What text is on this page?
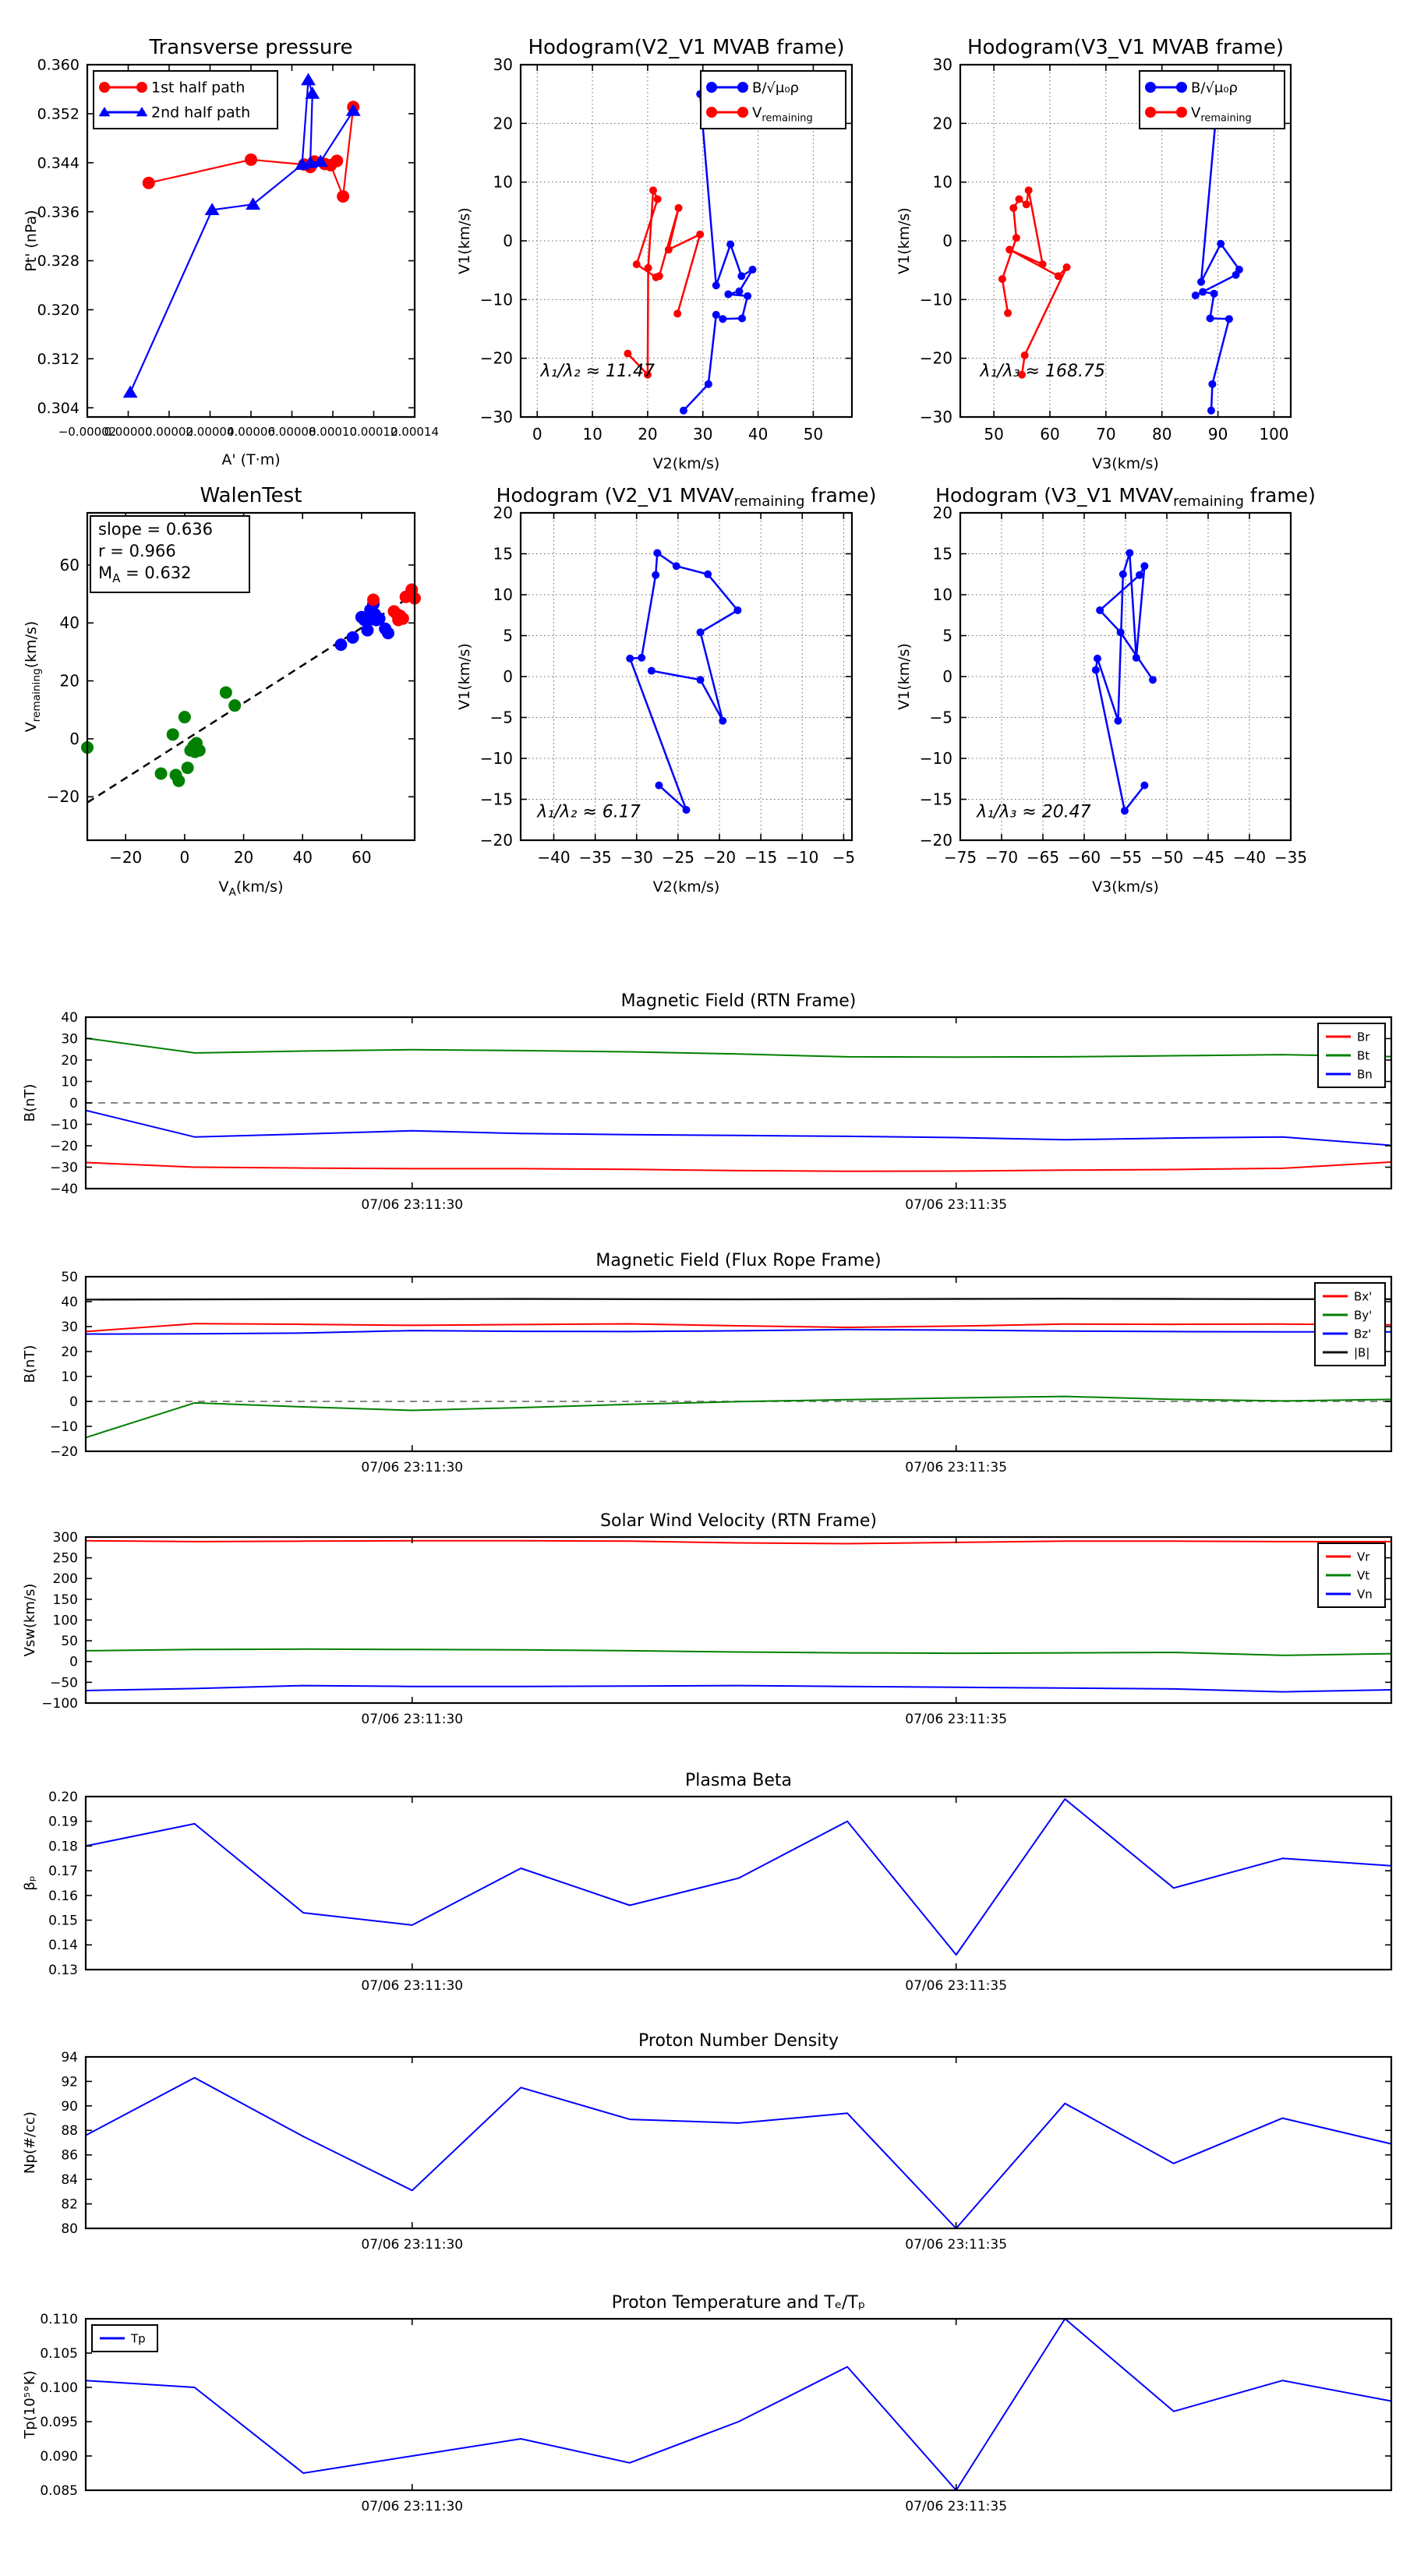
Transverse pressure
−0.00002
0.00000
0.00002
0.00004
0.00006
0.00008
0.00010
0.00012
0.00014
0.304
0.312
0.320
0.328
0.336
0.344
0.352
0.360
A' (T·m)
Pt' (nPa)
1st half path
2nd half path
Hodogram(V2_V1 MVAB frame)
0	10 20 30 40 50
−30
−20
−10
0
10
20
30
V2(km/s)
V1(km/s)
λ₁/λ₂ ≈ 11.47
B/√μ₀ρ
$V_{remaining}$
Hodogram(V3_V1 MVAB frame)
50 60 70 80 90 100
−30
−20
−10
0
10
20
30
V3(km/s)
V1(km/s)
λ₁/λ₃ ≈ 168.75
B/√μ₀ρ
$V_{remaining}$
WalenTest
−20 0	20	40	60
−20
0
20
40
60
$V_A(km/s)$
$V_{remaining}(km/s)$
slope = 0.636
r = 0.966
$M_A = 0.632$
Hodogram (V2_V1 $MVAV_{remaining}$ frame)
−40 −35 −30 −25 −20 −15 −10 −5
−20
−15
−10
−5
0
5
10
15
20
V2(km/s)
V1(km/s)
λ₁/λ₂ ≈ 6.17
Hodogram (V3_V1 $MVAV_{remaining}$ frame)
−75 −70 −65 −60 −55 −50 −45 −40 −35
−20
−15
−10
−5
0
5
10
15
20
V3(km/s)
V1(km/s)
λ₁/λ₃ ≈ 20.47
Magnetic Field (RTN Frame)
07/06 23:11:30	07/06 23:11:35
−40
−30
−20
−10
0
10
20
30
40
B(nT)
Br
Bt
Bn
Magnetic Field (Flux Rope Frame)
07/06 23:11:30	07/06 23:11:35
−20
−10
0
10
20
30
40
50
B(nT)
Bx'
By'
Bz'
|B|
Solar Wind Velocity (RTN Frame)
07/06 23:11:30	07/06 23:11:35
−100
−50
0
50
100
150
200
250
300
Vsw(km/s)
Vr
Vt
Vn
Plasma Beta
07/06 23:11:30	07/06 23:11:35
0.13
0.14
0.15
0.16
0.17
0.18
0.19
0.20
βₚ
Proton Number Density
07/06 23:11:30	07/06 23:11:35
80
82
84
86
88
90
92
94
Np(#/cc)
Proton Temperature and Tₑ/Tₚ
07/06 23:11:30	07/06 23:11:35
0.085
0.090
0.095
0.100
0.105
0.110
Tp(10⁵°K)
Tp
